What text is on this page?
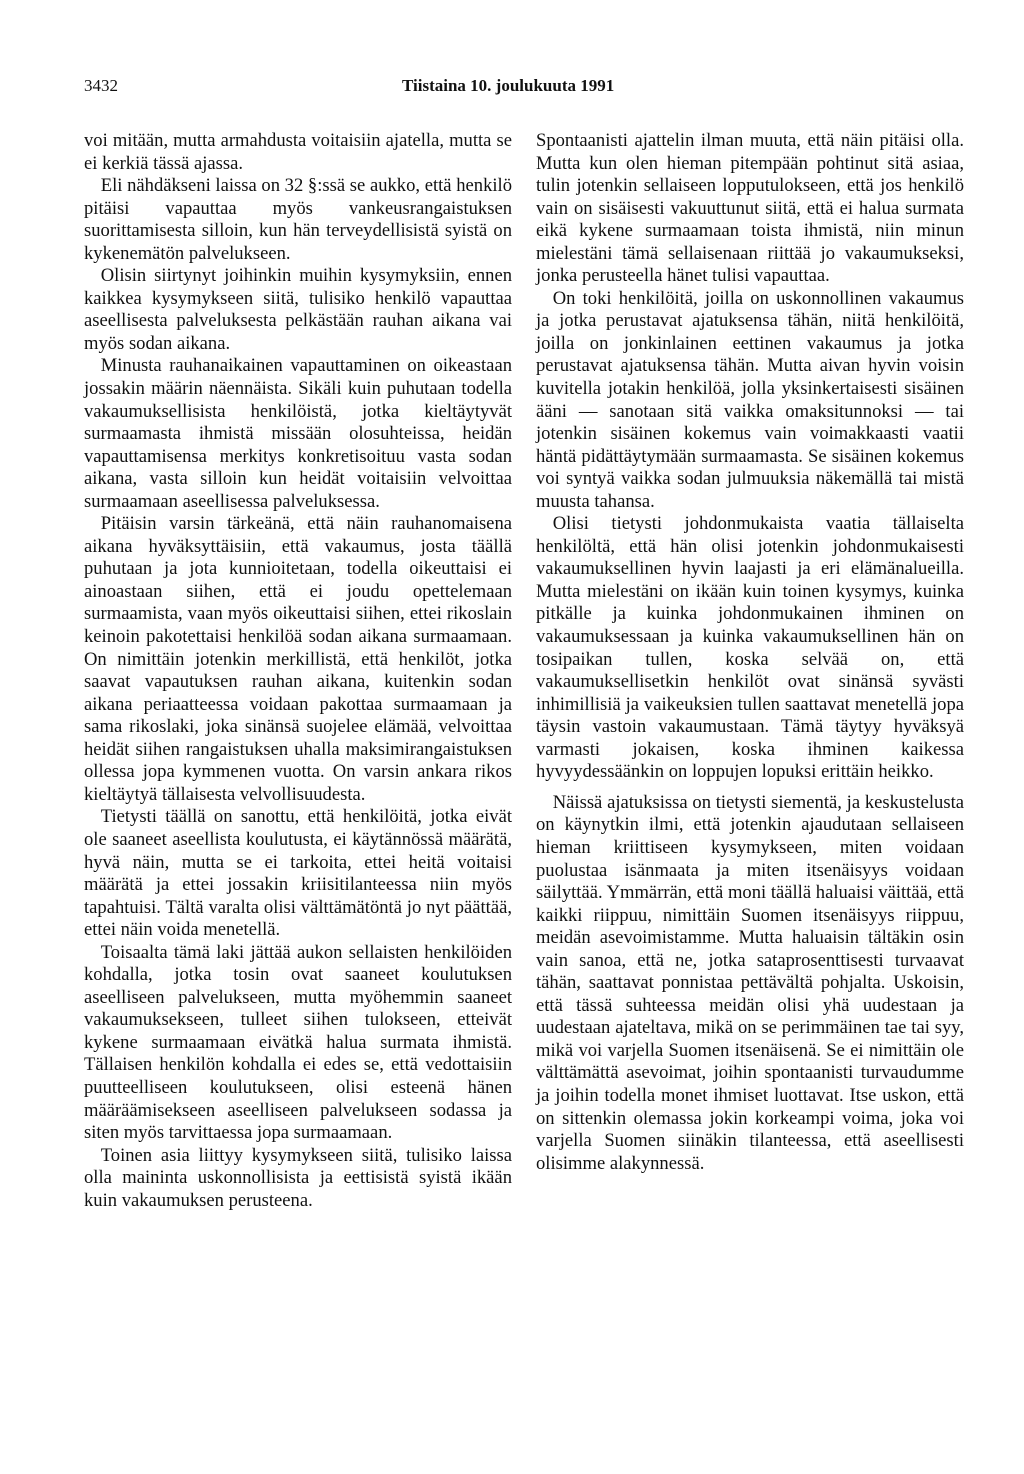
3432	Tiistaina 10. joulukuuta 1991

voi mitään, mutta armahdusta voitaisiin ajatella, mutta se ei kerkiä tässä ajassa.

Eli nähdäkseni laissa on 32 §:ssä se aukko, että henkilö pitäisi vapauttaa myös vankeusrangaistuksen suorittamisesta silloin, kun hän terveydellisistä syistä on kykenemätön palvelukseen.

Olisin siirtynyt joihinkin muihin kysymyksiin, ennen kaikkea kysymykseen siitä, tulisiko henkilö vapauttaa aseellisesta palveluksesta pelkästään rauhan aikana vai myös sodan aikana.

Minusta rauhanaikainen vapauttaminen on oikeastaan jossakin määrin näennäista. Sikäli kuin puhutaan todella vakaumuksellisista henkilöistä, jotka kieltäytyvät surmaamasta ihmistä missään olosuhteissa, heidän vapauttamisensa merkitys konkretisoituu vasta sodan aikana, vasta silloin kun heidät voitaisiin velvoittaa surmaamaan aseellisessa palveluksessa.

Pitäisin varsin tärkeänä, että näin rauhanomaisena aikana hyväksyttäisiin, että vakaumus, josta täällä puhutaan ja jota kunnioitetaan, todella oikeuttaisi ei ainoastaan siihen, että ei joudu opettelemaan surmaamista, vaan myös oikeuttaisi siihen, ettei rikoslain keinoin pakotettaisi henkilöä sodan aikana surmaamaan. On nimittäin jotenkin merkillistä, että henkilöt, jotka saavat vapautuksen rauhan aikana, kuitenkin sodan aikana periaatteessa voidaan pakottaa surmaamaan ja sama rikoslaki, joka sinänsä suojelee elämää, velvoittaa heidät siihen rangaistuksen uhalla maksimirangaistuksen ollessa jopa kymmenen vuotta. On varsin ankara rikos kieltäytyä tällaisesta velvollisuudesta.

Tietysti täällä on sanottu, että henkilöitä, jotka eivät ole saaneet aseellista koulutusta, ei käytännössä määrätä, hyvä näin, mutta se ei tarkoita, ettei heitä voitaisi määrätä ja ettei jossakin kriisitilanteessa niin myös tapahtuisi. Tältä varalta olisi välttämätöntä jo nyt päättää, ettei näin voida menetellä.

Toisaalta tämä laki jättää aukon sellaisten henkilöiden kohdalla, jotka tosin ovat saaneet koulutuksen aseelliseen palvelukseen, mutta myöhemmin saaneet vakaumuksekseen, tulleet siihen tulokseen, etteivät kykene surmaamaan eivätkä halua surmata ihmistä. Tällaisen henkilön kohdalla ei edes se, että vedottaisiin puutteelliseen koulutukseen, olisi esteenä hänen määräämisekseen aseelliseen palvelukseen sodassa ja siten myös tarvittaessa jopa surmaamaan.

Toinen asia liittyy kysymykseen siitä, tulisiko laissa olla maininta uskonnollisista ja eettisistä syistä ikään kuin vakaumuksen perusteena.

Spontaanisti ajattelin ilman muuta, että näin pitäisi olla. Mutta kun olen hieman pitempään pohtinut sitä asiaa, tulin jotenkin sellaiseen lopputulokseen, että jos henkilö vain on sisäisesti vakuuttunut siitä, että ei halua surmata eikä kykene surmaamaan toista ihmistä, niin minun mielestäni tämä sellaisenaan riittää jo vakaumukseksi, jonka perusteella hänet tulisi vapauttaa.

On toki henkilöitä, joilla on uskonnollinen vakaumus ja jotka perustavat ajatuksensa tähän, niitä henkilöitä, joilla on jonkinlainen eettinen vakaumus ja jotka perustavat ajatuksensa tähän. Mutta aivan hyvin voisin kuvitella jotakin henkilöä, jolla yksinkertaisesti sisäinen ääni — sanotaan sitä vaikka omaksitunnoksi — tai jotenkin sisäinen kokemus vain voimakkaasti vaatii häntä pidättäytymään surmaamasta. Se sisäinen kokemus voi syntyä vaikka sodan julmuuksia näkemällä tai mistä muusta tahansa.

Olisi tietysti johdonmukaista vaatia tällaiselta henkilöltä, että hän olisi jotenkin johdonmukaisesti vakaumuksellinen hyvin laajasti ja eri elämänalueilla. Mutta mielestäni on ikään kuin toinen kysymys, kuinka pitkälle ja kuinka johdonmukainen ihminen on vakaumuksessaan ja kuinka vakaumuksellinen hän on tosipaikan tullen, koska selvää on, että vakaumuksellisetkin henkilöt ovat sinänsä syvästi inhimillisiä ja vaikeuksien tullen saattavat menetellä jopa täysin vastoin vakaumustaan. Tämä täytyy hyväksyä varmasti jokaisen, koska ihminen kaikessa hyvyydessäänkin on loppujen lopuksi erittäin heikko.

Näissä ajatuksissa on tietysti siementä, ja keskustelusta on käynytkin ilmi, että jotenkin ajaudutaan sellaiseen hieman kriittiseen kysymykseen, miten voidaan puolustaa isänmaata ja miten itsenäisyys voidaan säilyttää. Ymmärrän, että moni täällä haluaisi väittää, että kaikki riippuu, nimittäin Suomen itsenäisyys riippuu, meidän asevoimistamme. Mutta haluaisin tältäkin osin vain sanoa, että ne, jotka sataprosenttisesti turvaavat tähän, saattavat ponnistaa pettävältä pohjalta. Uskoisin, että tässä suhteessa meidän olisi yhä uudestaan ja uudestaan ajateltava, mikä on se perimmäinen tae tai syy, mikä voi varjella Suomen itsenäisenä. Se ei nimittäin ole välttämättä asevoimat, joihin spontaanisti turvaudumme ja joihin todella monet ihmiset luottavat. Itse uskon, että on sittenkin olemassa jokin korkeampi voima, joka voi varjella Suomen siinäkin tilanteessa, että aseellisesti olisimme alakynnessä.
